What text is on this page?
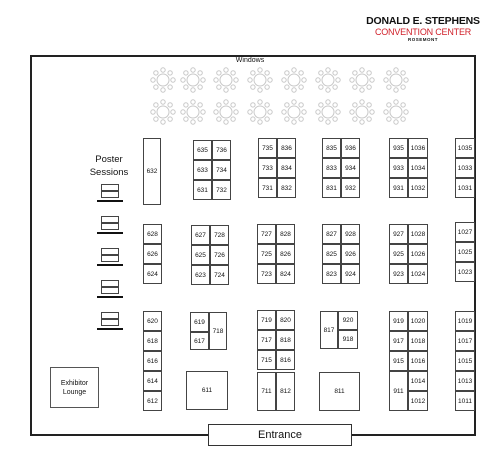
DONALD E. STEPHENS
CONVENTION CENTER
ROSEMONT
Windows
Poster
Sessions	632
635	736
633	734
631	732
735	836
733	834
731	832
835	936
833	934
831	932
935	1036
933	1034
931	1032
1035
1033
1031
628
626
624
627	728
625	726
623	724
727	828
725	826
723	824
827	928
825	926
823	924
927	1028
925	1026
923	1024
1027
1025
1023
620
618
616
614
612
619
617
718
611
719	820
717	818
715	816
711	812
817
920
918
811
919	1020
917	1018
915	1016
911
1014
1012
1019
1017
1015
1013
1011
Exhibitor
Lounge
Entrance
